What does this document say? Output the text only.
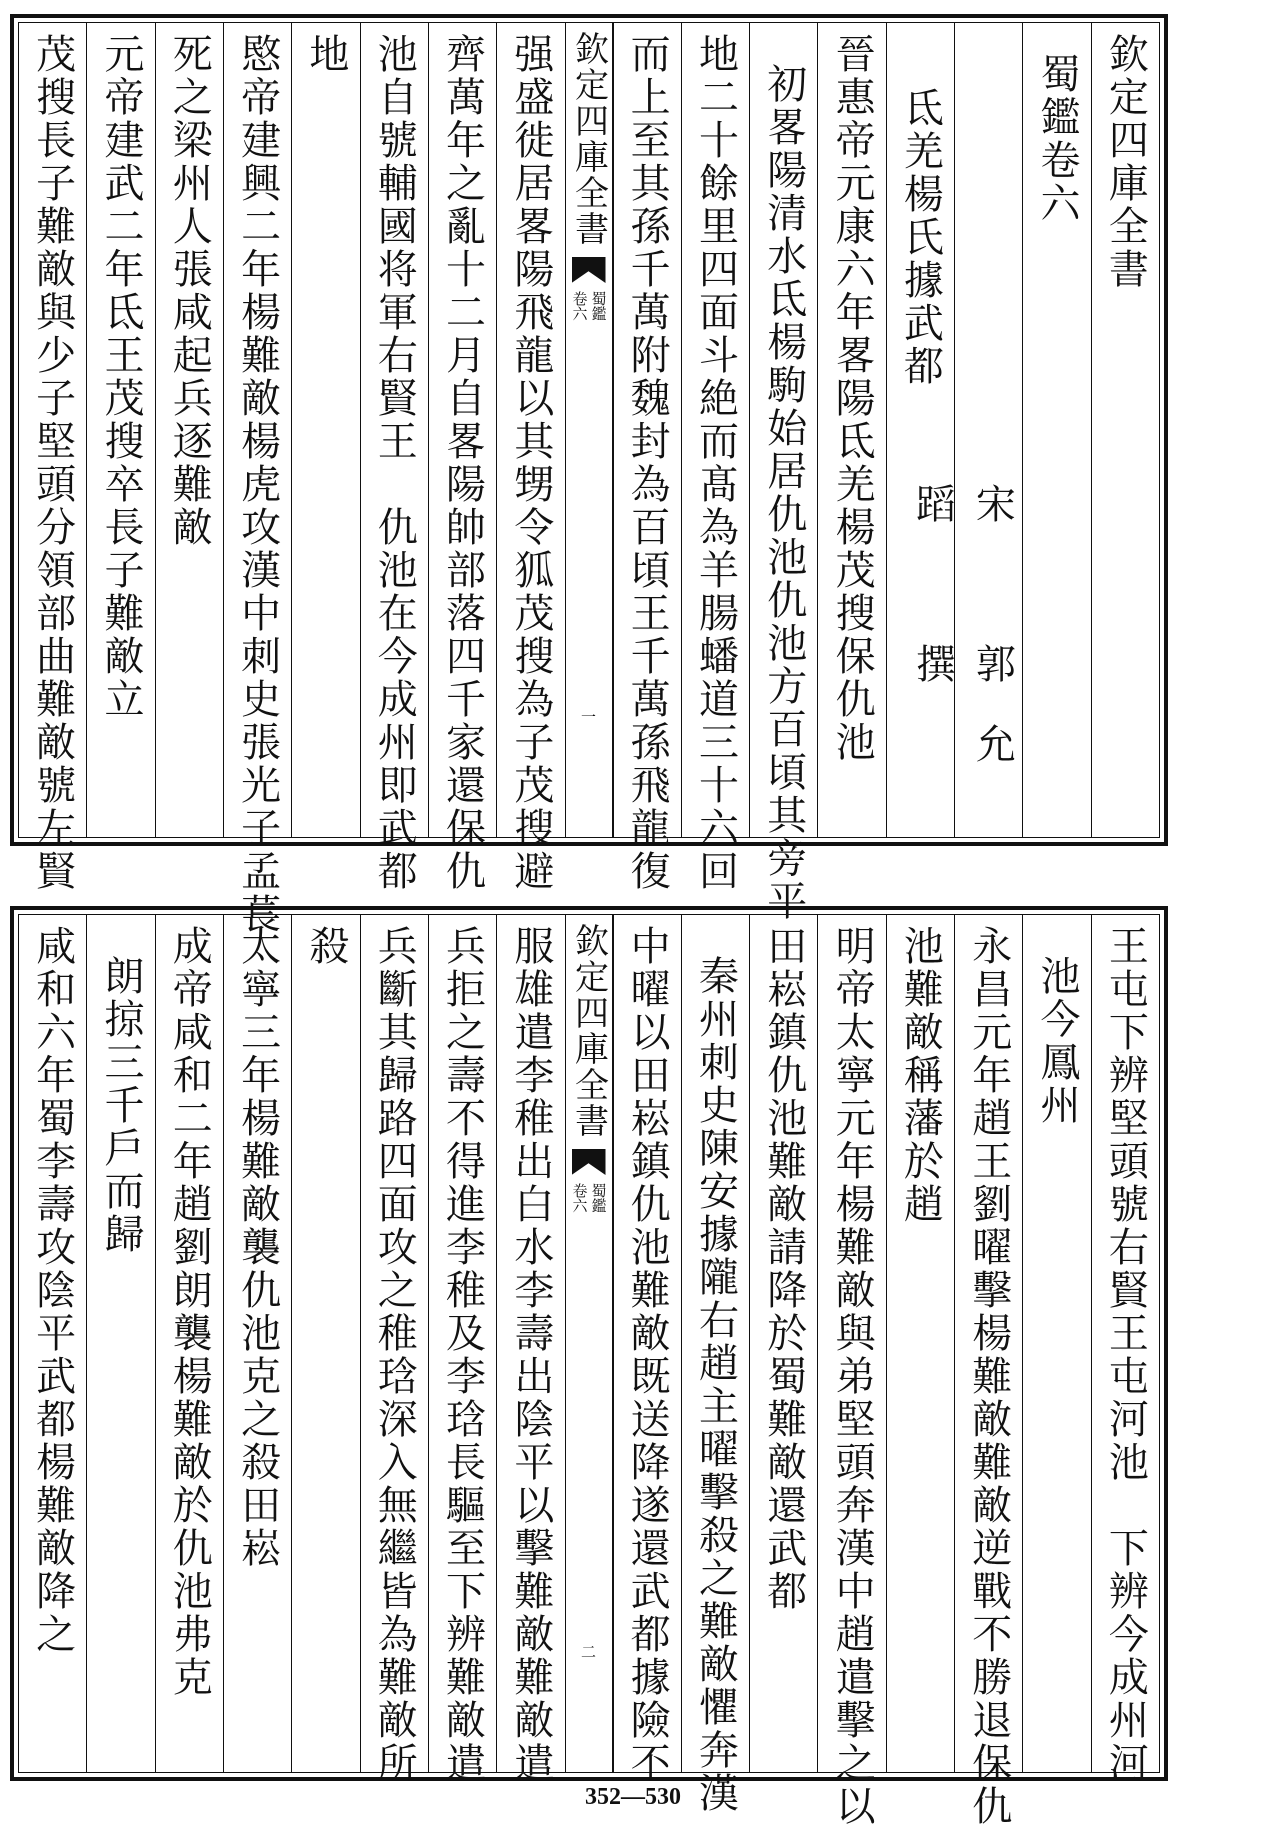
欽定四庫全書
蜀鑑卷六
宋　郭允蹈　撰
氐羌楊氏據武都
晉惠帝元康六年畧陽氐羌楊茂搜保仇池
初畧陽清水氐楊駒始居仇池仇池方百頃其旁平
地二十餘里四面斗絶而髙為羊腸蟠道三十六回
而上至其孫千萬附魏封為百頃王千萬孫飛龍復
欽定四庫全書
蜀鑑
卷六
一
强盛徙居畧陽飛龍以其甥令狐茂搜為子茂搜避
齊萬年之亂十二月自畧陽帥部落四千家還保仇
池自號輔國将軍右賢王　仇池在今成州即武都
地
愍帝建興二年楊難敵楊虎攻漢中刺史張光子孟萇
死之梁州人張咸起兵逐難敵
元帝建武二年氐王茂搜卒長子難敵立
茂搜長子難敵與少子堅頭分領部曲難敵號左賢
王屯下辨堅頭號右賢王屯河池　下辨今成州河
池今鳳州
永昌元年趙王劉曜擊楊難敵難敵逆戰不勝退保仇
池難敵稱藩於趙
明帝太寧元年楊難敵與弟堅頭奔漢中趙遣擊之以
田崧鎮仇池難敵請降於蜀難敵還武都
秦州刺史陳安據隴右趙主曜擊殺之難敵懼奔漢
中曜以田崧鎮仇池難敵既送降遂還武都據險不
欽定四庫全書
蜀鑑
卷六
二
服雄遣李稚出白水李壽出陰平以擊難敵難敵遣
兵拒之壽不得進李稚及李琀長驅至下辨難敵遣
兵斷其歸路四面攻之稚琀深入無繼皆為難敵所
殺
太寧三年楊難敵襲仇池克之殺田崧
成帝咸和二年趙劉朗襲楊難敵於仇池弗克
朗掠三千戶而歸
咸和六年蜀李壽攻陰平武都楊難敵降之
352—530
